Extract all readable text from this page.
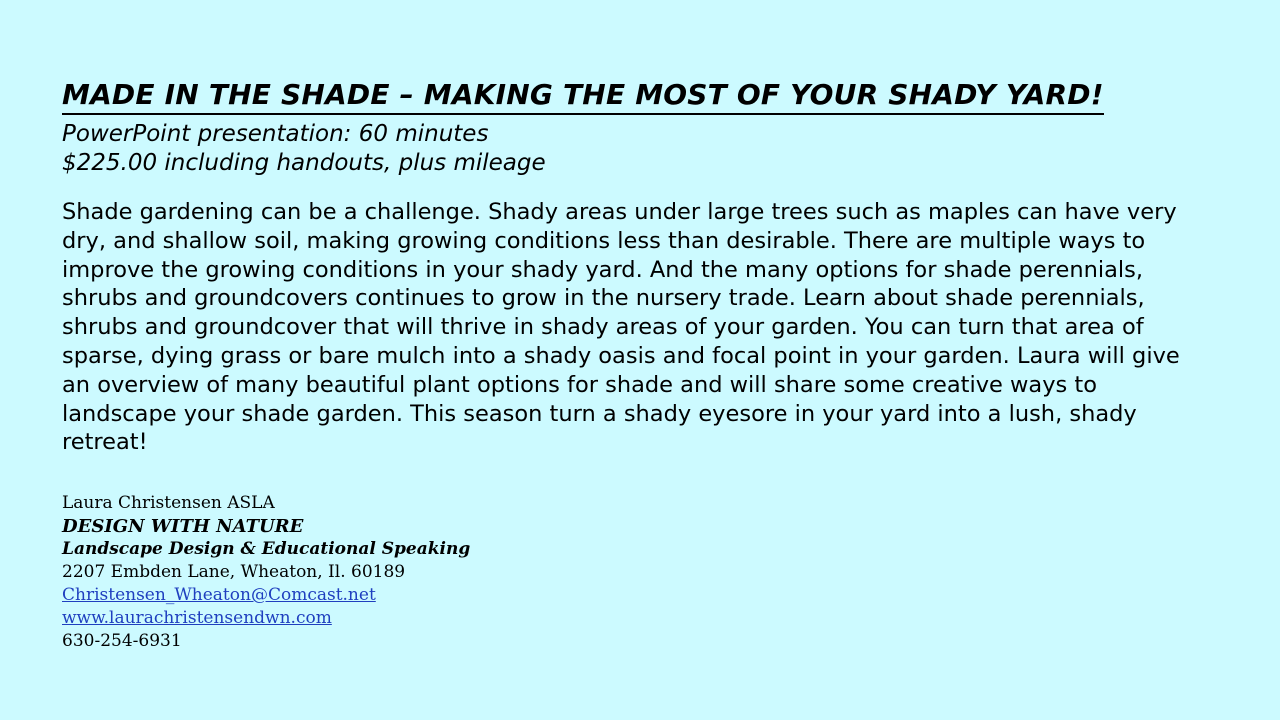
MADE IN THE SHADE – MAKING THE MOST OF YOUR SHADY YARD!
PowerPoint presentation: 60 minutes
$225.00 including handouts, plus mileage
Shade gardening can be a challenge. Shady areas under large trees such as maples can have very dry, and shallow soil, making growing conditions less than desirable. There are multiple ways to improve the growing conditions in your shady yard. And the many options for shade perennials, shrubs and groundcovers continues to grow in the nursery trade. Learn about shade perennials, shrubs and groundcover that will thrive in shady areas of your garden. You can turn that area of sparse, dying grass or bare mulch into a shady oasis and focal point in your garden. Laura will give an overview of many beautiful plant options for shade and will share some creative ways to landscape your shade garden. This season turn a shady eyesore in your yard into a lush, shady retreat!
Laura Christensen ASLA
DESIGN WITH NATURE
Landscape Design & Educational Speaking
2207 Embden Lane, Wheaton, Il. 60189
Christensen_Wheaton@Comcast.net
www.laurachristensendwn.com
630-254-6931
